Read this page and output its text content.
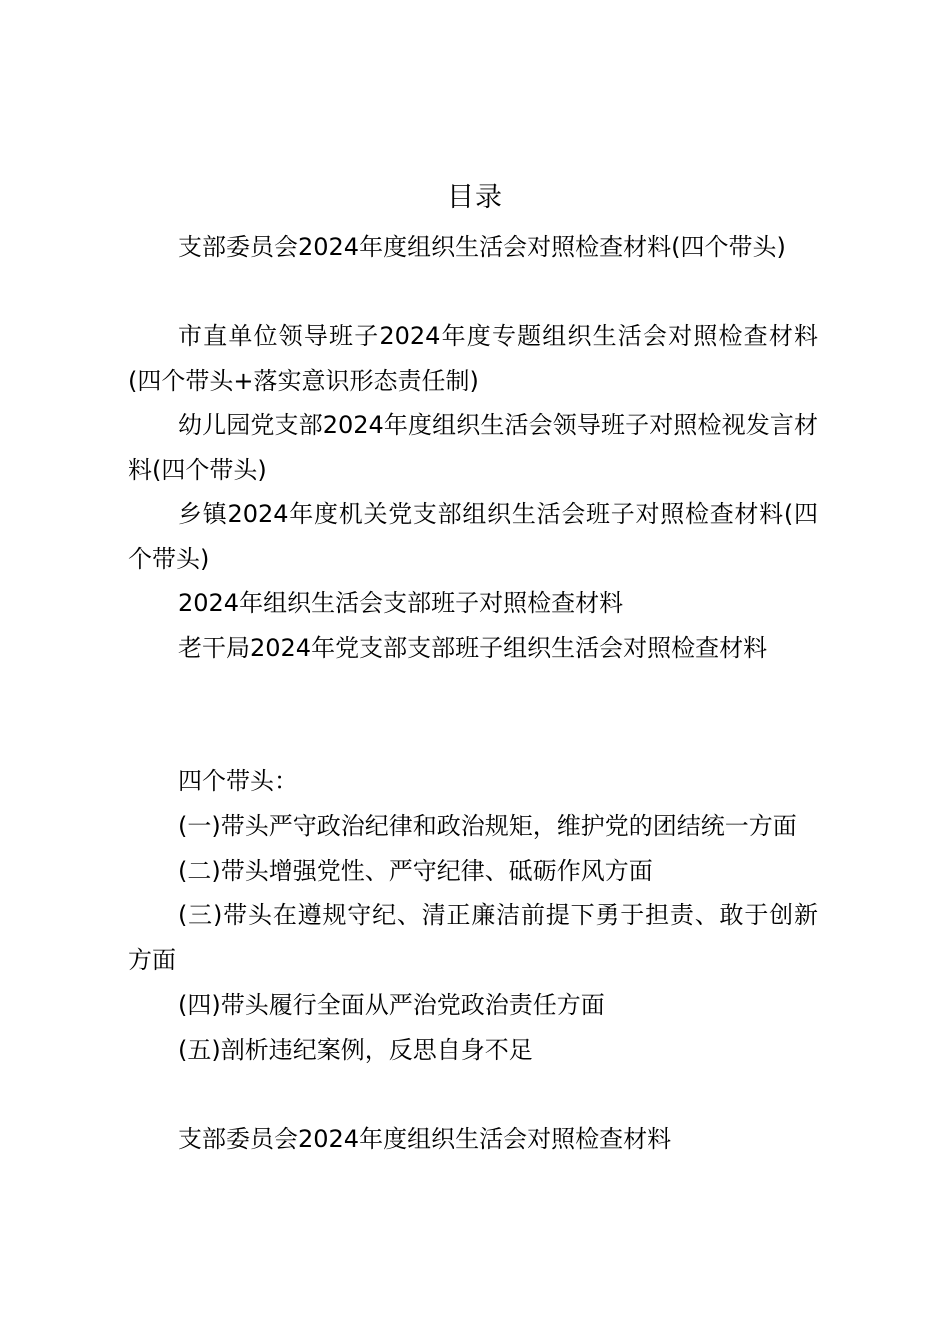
目录
支部委员会2024年度组织生活会对照检查材料(四个带头)
市直单位领导班子2024年度专题组织生活会对照检查材料(四个带头+落实意识形态责任制)
幼儿园党支部2024年度组织生活会领导班子对照检视发言材料(四个带头)
乡镇2024年度机关党支部组织生活会班子对照检查材料(四个带头)
2024年组织生活会支部班子对照检查材料
老干局2024年党支部支部班子组织生活会对照检查材料
四个带头：
(一)带头严守政治纪律和政治规矩，维护党的团结统一方面
(二)带头增强党性、严守纪律、砥砺作风方面
(三)带头在遵规守纪、清正廉洁前提下勇于担责、敢于创新方面
(四)带头履行全面从严治党政治责任方面
(五)剖析违纪案例，反思自身不足
支部委员会2024年度组织生活会对照检查材料
